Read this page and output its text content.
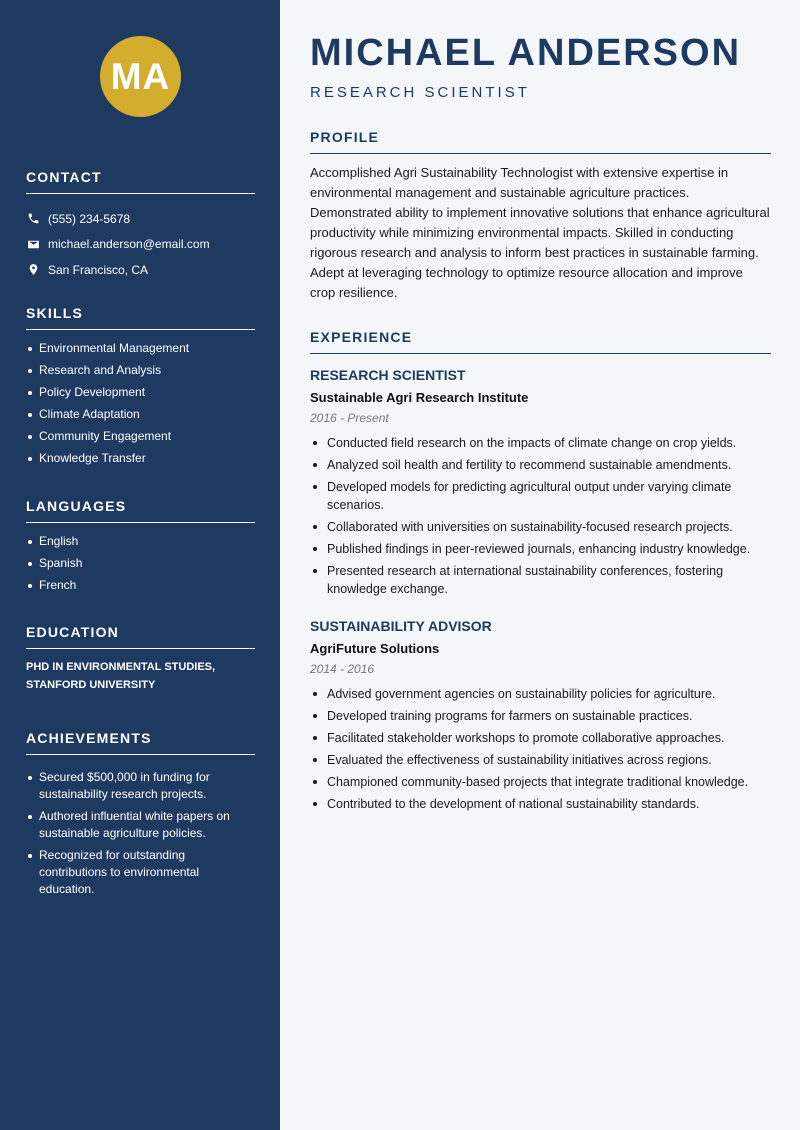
MA
CONTACT
(555) 234-5678
michael.anderson@email.com
San Francisco, CA
SKILLS
Environmental Management
Research and Analysis
Policy Development
Climate Adaptation
Community Engagement
Knowledge Transfer
LANGUAGES
English
Spanish
French
EDUCATION

PHD IN ENVIRONMENTAL STUDIES, STANFORD UNIVERSITY

ACHIEVEMENTS
Secured $500,000 in funding for sustainability research projects.
Authored influential white papers on sustainable agriculture policies.
Recognized for outstanding contributions to environmental education.
MICHAEL ANDERSON
RESEARCH SCIENTIST
PROFILE

Accomplished Agri Sustainability Technologist with extensive expertise in environmental management and sustainable agriculture practices. Demonstrated ability to implement innovative solutions that enhance agricultural productivity while minimizing environmental impacts. Skilled in conducting rigorous research and analysis to inform best practices in sustainable farming. Adept at leveraging technology to optimize resource allocation and improve crop resilience.

EXPERIENCE
RESEARCH SCIENTIST
Sustainable Agri Research Institute
2016 - Present
Conducted field research on the impacts of climate change on crop yields.
Analyzed soil health and fertility to recommend sustainable amendments.
Developed models for predicting agricultural output under varying climate scenarios.
Collaborated with universities on sustainability-focused research projects.
Published findings in peer-reviewed journals, enhancing industry knowledge.
Presented research at international sustainability conferences, fostering knowledge exchange.
SUSTAINABILITY ADVISOR
AgriFuture Solutions
2014 - 2016
Advised government agencies on sustainability policies for agriculture.
Developed training programs for farmers on sustainable practices.
Facilitated stakeholder workshops to promote collaborative approaches.
Evaluated the effectiveness of sustainability initiatives across regions.
Championed community-based projects that integrate traditional knowledge.
Contributed to the development of national sustainability standards.
